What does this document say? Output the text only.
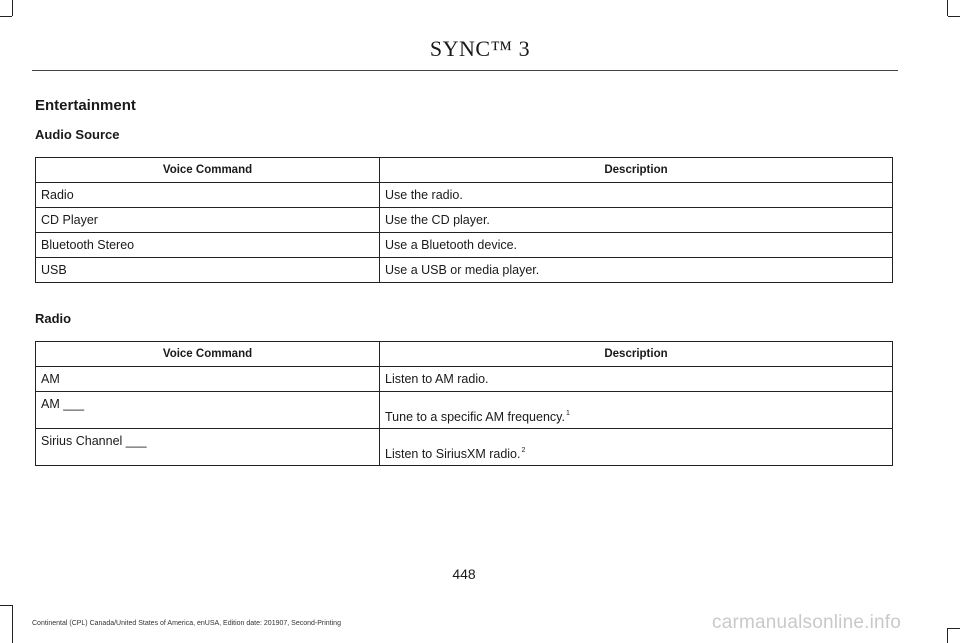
SYNC™ 3
Entertainment
Audio Source
Voice Command	Description
Radio	Use the radio.
CD Player	Use the CD player.
Bluetooth Stereo	Use a Bluetooth device.
USB	Use a USB or media player.
Radio
Voice Command	Description
AM	Listen to AM radio.
AM ___	Tune to a specific AM frequency.$^1$
Sirius Channel ___	Listen to SiriusXM radio.$^2$
448
Continental (CPL) Canada/United States of America, enUSA, Edition date: 201907, Second-Printing	carmanualsonline.info
